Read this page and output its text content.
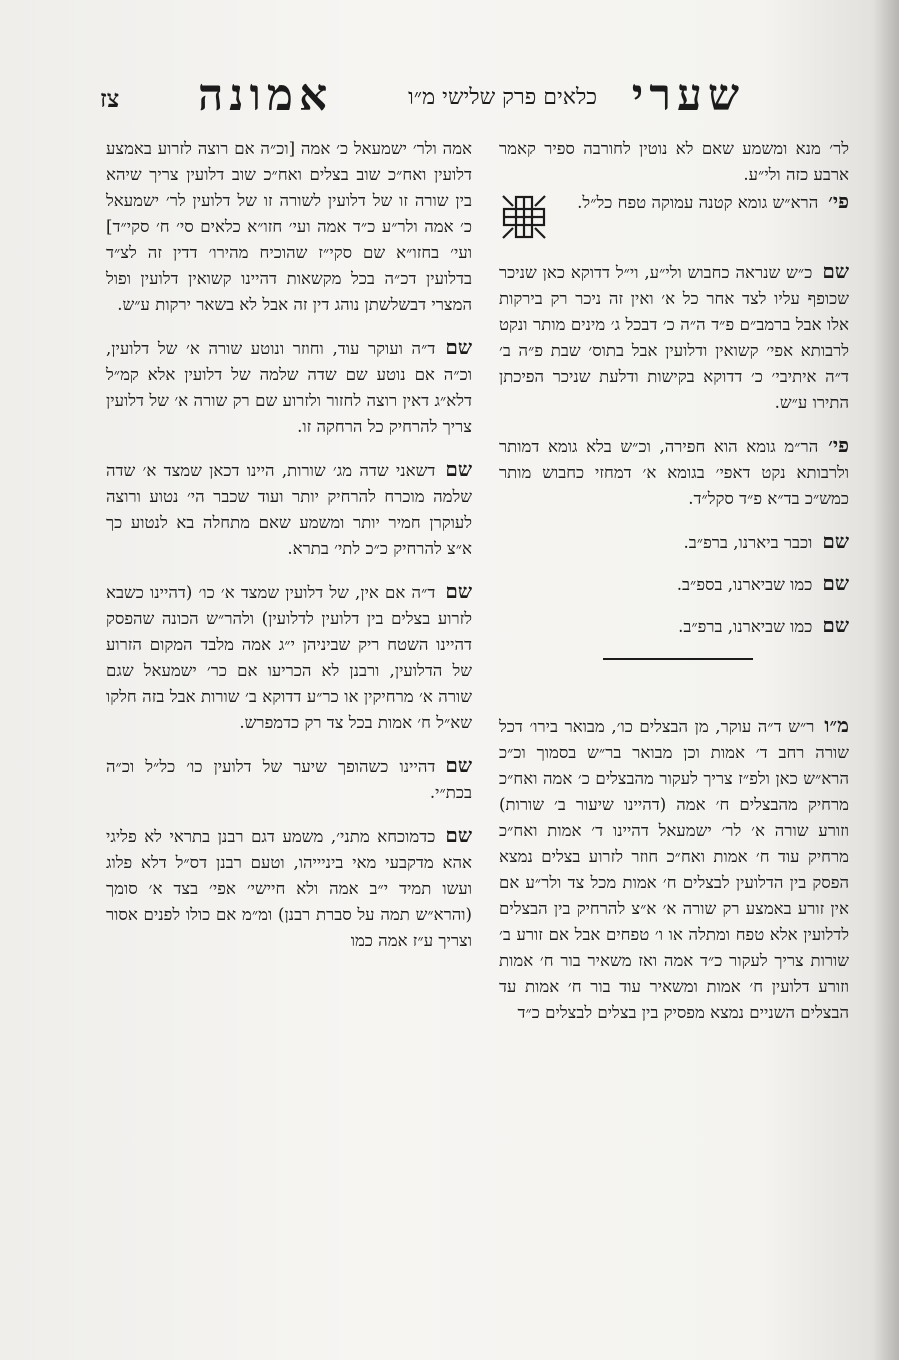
שערי
כלאים פרק שלישי מ״ו
אמונה
צז
לר׳ מנא ומשמע שאם לא נוטין לחורבה ספיר קאמר ארבע כזה ולי״ע.
פי׳הרא״ש גומא קטנה עמוקה טפח כל״ל.
שםכ״ש שנראה כחבוש ולי״ע, וי״ל דדוקא כאן שניכר שכופף עליו לצד אחר כל א׳ ואין זה ניכר רק בירקות אלו אבל ברמב״ם פ״ד ה״ה כ׳ דבכל ג׳ מינים מותר ונקט לרבותא אפי׳ קשואין ודלועין אבל בתוס׳ שבת פ״ה ב׳ ד״ה איתיבי׳ כ׳ דדוקא בקישות ודלעת שניכר הפיכתן התירו ע״ש.
פי׳הר״מ גומא הוא חפירה, וכ״ש בלא גומא דמותר ולרבותא נקט דאפי׳ בגומא א׳ דמחזי כחבוש מותר כמש״כ בד״א פ״ד סקל״ד.
שםוכבר ביארנו, ברפ״ב.
שםכמו שביארנו, בספ״ב.
שםכמו שביארנו, ברפ״ב.
מ״ור״ש ד״ה עוקר, מן הבצלים כו׳, מבואר בירו׳ דכל שורה רחב ד׳ אמות וכן מבואר בר״ש בסמוך וכ״כ הרא״ש כאן ולפ״ז צריך לעקור מהבצלים כ׳ אמה ואח״כ מרחיק מהבצלים ח׳ אמה (דהיינו שיעור ב׳ שורות) וזורע שורה א׳ לר׳ ישמעאל דהיינו ד׳ אמות ואח״כ מרחיק עוד ח׳ אמות ואח״כ חוזר לזרוע בצלים נמצא הפסק בין הדלועין לבצלים ח׳ אמות מכל צד ולר״ע אם אין זורע באמצע רק שורה א׳ א״צ להרחיק בין הבצלים לדלועין אלא טפח ומתלה או ו׳ טפחים אבל אם זורע ב׳ שורות צריך לעקור כ״ד אמה ואז משאיר בור ח׳ אמות וזורע דלועין ח׳ אמות ומשאיר עוד בור ח׳ אמות עד הבצלים השניים נמצא מפסיק בין בצלים לבצלים כ״ד
אמה ולר׳ ישמעאל כ׳ אמה [וכ״ה אם רוצה לזרוע באמצע דלועין ואח״כ שוב בצלים ואח״כ שוב דלועין צריך שיהא בין שורה זו של דלועין לשורה זו של דלועין לר׳ ישמעאל כ׳ אמה ולר״ע כ״ד אמה ועי׳ חזו״א כלאים סי׳ ח׳ סקי״ד] ועי׳ בחזו״א שם סקי״ז שהוכיח מהירו׳ דדין זה לצ״ד בדלועין דכ״ה בכל מקשאות דהיינו קשואין דלועין ופול המצרי דבשלשתן נוהג דין זה אבל לא בשאר ירקות ע״ש.
שםד״ה ועוקר עוד, וחוזר ונוטע שורה א׳ של דלועין, וכ״ה אם נוטע שם שדה שלמה של דלועין אלא קמ״ל דלא״ג דאין רוצה לחזור ולזרוע שם רק שורה א׳ של דלועין צריך להרחיק כל הרחקה זו.
שםדשאני שדה מג׳ שורות, היינו דכאן שמצד א׳ שדה שלמה מוכרח להרחיק יותר ועוד שכבר הי׳ נטוע ורוצה לעוקרן חמיר יותר ומשמע שאם מתחלה בא לנטוע כך א״צ להרחיק כ״כ לתי׳ בתרא.
שםד״ה אם אין, של דלועין שמצד א׳ כו׳ (דהיינו כשבא לזרוע בצלים בין דלועין לדלועין) ולהר״ש הכונה שהפסק דהיינו השטח ריק שביניהן י״ג אמה מלבד המקום הזרוע של הדלועין, ורבנן לא הכריעו אם כר׳ ישמעאל שגם שורה א׳ מרחיקין או כר״ע דדוקא ב׳ שורות אבל בזה חלקו שא״ל ח׳ אמות בכל צד רק כדמפרש.
שםדהיינו כשהופך שיער של דלועין כו׳ כל״ל וכ״ה בכת״י.
שםכדמוכחא מתני׳, משמע דגם רבנן בתראי לא פליגי אהא מדקבעי מאי ביניייהו, וטעם רבנן דס״ל דלא פלוג ועשו תמיד י״ב אמה ולא חיישי׳ אפי׳ בצד א׳ סומך (והרא״ש תמה על סברת רבנן) ומ״מ אם כולו לפנים אסור וצריך ע״ז אמה כמו
